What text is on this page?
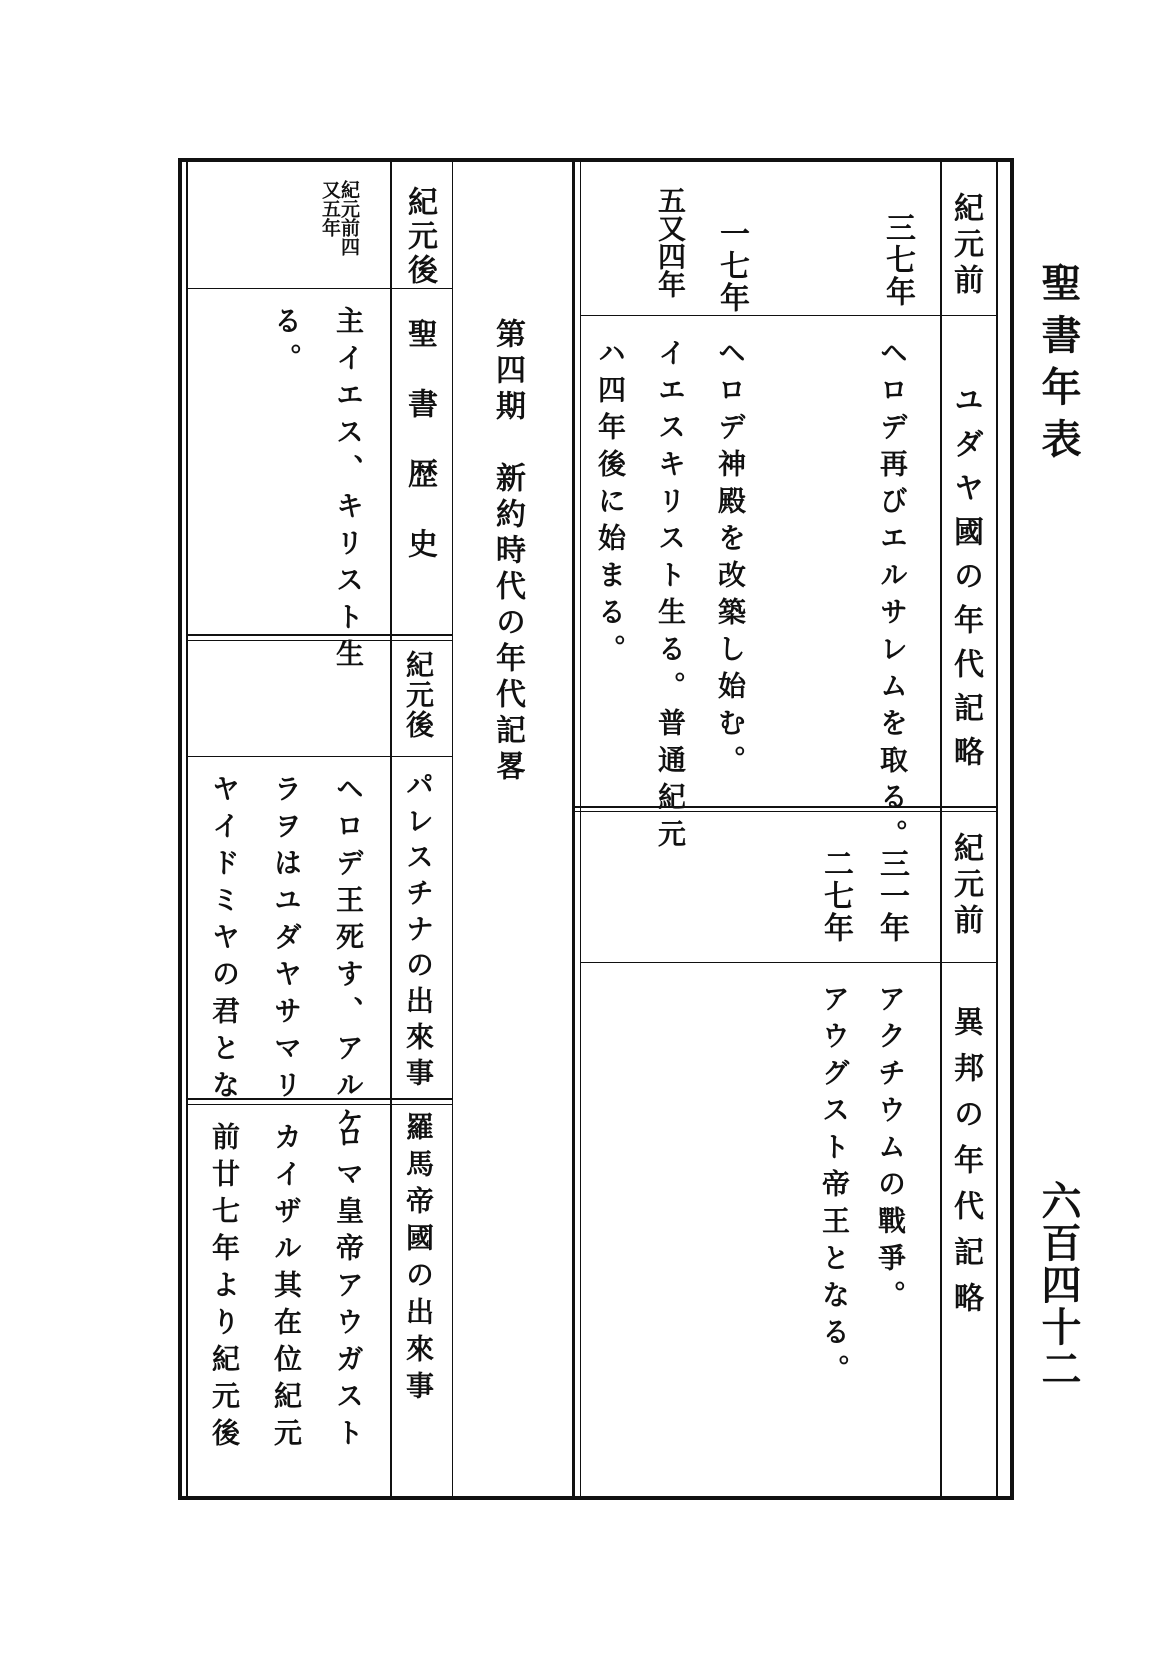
聖書年表
六百四十二
紀元前
ユダヤ國の年代記略
三七年
一七年
五又四年
ヘロデ再びエルサレムを取る。
ヘロデ神殿を改築し始む。
イエスキリスト生る。普通紀元
ハ四年後に始まる。
紀元前
異邦の年代記略
三一年
二七年
アクチウムの戰爭。
アウグスト帝王となる。
第四期　新約時代の年代記畧
紀元後
聖書歴史
紀元前四又五年
主イエス、キリスト生
る。
紀元後
パレスチナの出來事
ヘロデ王死す、アルケ
ラヲはユダヤサマリ
ヤイドミヤの君とな
羅馬帝國の出來事
ロマ皇帝アウガスト
カイザル其在位紀元
前廿七年より紀元後
